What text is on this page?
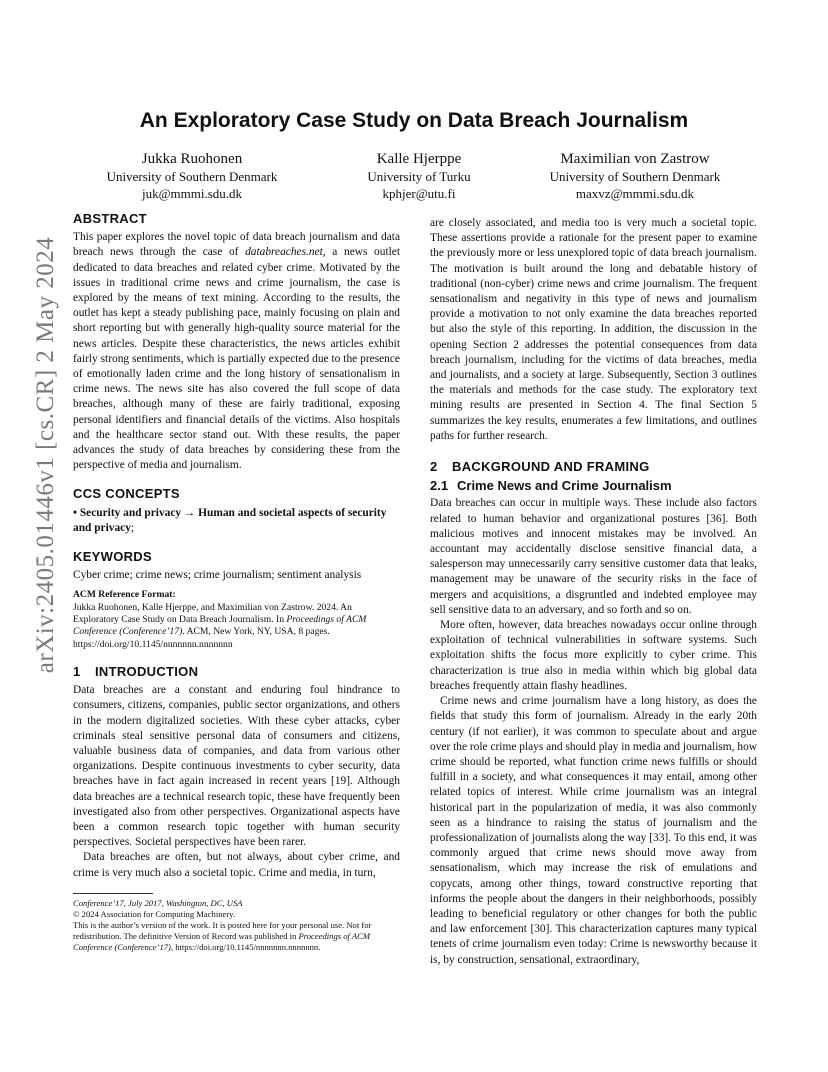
arXiv:2405.01446v1 [cs.CR] 2 May 2024
An Exploratory Case Study on Data Breach Journalism
Jukka Ruohonen
University of Southern Denmark
juk@mmmi.sdu.dk
Kalle Hjerppe
University of Turku
kphjer@utu.fi
Maximilian von Zastrow
University of Southern Denmark
maxvz@mmmi.sdu.dk
ABSTRACT

This paper explores the novel topic of data breach journalism and data breach news through the case of databreaches.net, a news outlet dedicated to data breaches and related cyber crime. Motivated by the issues in traditional crime news and crime journalism, the case is explored by the means of text mining. According to the results, the outlet has kept a steady publishing pace, mainly focusing on plain and short reporting but with generally high-quality source material for the news articles. Despite these characteristics, the news articles exhibit fairly strong sentiments, which is partially expected due to the presence of emotionally laden crime and the long history of sensationalism in crime news. The news site has also covered the full scope of data breaches, although many of these are fairly traditional, exposing personal identifiers and financial details of the victims. Also hospitals and the healthcare sector stand out. With these results, the paper advances the study of data breaches by considering these from the perspective of media and journalism.

CCS CONCEPTS

• Security and privacy → Human and societal aspects of security and privacy;

KEYWORDS

Cyber crime; crime news; crime journalism; sentiment analysis

ACM Reference Format:

Jukka Ruohonen, Kalle Hjerppe, and Maximilian von Zastrow. 2024. An Exploratory Case Study on Data Breach Journalism. In Proceedings of ACM Conference (Conference’17). ACM, New York, NY, USA, 8 pages. https://doi.org/10.1145/nnnnnnn.nnnnnnn

1 INTRODUCTION

Data breaches are a constant and enduring foul hindrance to consumers, citizens, companies, public sector organizations, and others in the modern digitalized societies. With these cyber attacks, cyber criminals steal sensitive personal data of consumers and citizens, valuable business data of companies, and data from various other organizations. Despite continuous investments to cyber security, data breaches have in fact again increased in recent years [19]. Although data breaches are a technical research topic, these have frequently been investigated also from other perspectives. Organizational aspects have been a common research topic together with human security perspectives. Societal perspectives have been rarer.

Data breaches are often, but not always, about cyber crime, and crime is very much also a societal topic. Crime and media, in turn,

Conference’17, July 2017, Washington, DC, USA

© 2024 Association for Computing Machinery.

This is the author’s version of the work. It is posted here for your personal use. Not for redistribution. The definitive Version of Record was published in Proceedings of ACM Conference (Conference’17), https://doi.org/10.1145/nnnnnnn.nnnnnnn.

are closely associated, and media too is very much a societal topic. These assertions provide a rationale for the present paper to examine the previously more or less unexplored topic of data breach journalism. The motivation is built around the long and debatable history of traditional (non-cyber) crime news and crime journalism. The frequent sensationalism and negativity in this type of news and journalism provide a motivation to not only examine the data breaches reported but also the style of this reporting. In addition, the discussion in the opening Section 2 addresses the potential consequences from data breach journalism, including for the victims of data breaches, media and journalists, and a society at large. Subsequently, Section 3 outlines the materials and methods for the case study. The exploratory text mining results are presented in Section 4. The final Section 5 summarizes the key results, enumerates a few limitations, and outlines paths for further research.

2 BACKGROUND AND FRAMING
2.1 Crime News and Crime Journalism

Data breaches can occur in multiple ways. These include also factors related to human behavior and organizational postures [36]. Both malicious motives and innocent mistakes may be involved. An accountant may accidentally disclose sensitive financial data, a salesperson may unnecessarily carry sensitive customer data that leaks, management may be unaware of the security risks in the face of mergers and acquisitions, a disgruntled and indebted employee may sell sensitive data to an adversary, and so forth and so on.

More often, however, data breaches nowadays occur online through exploitation of technical vulnerabilities in software systems. Such exploitation shifts the focus more explicitly to cyber crime. This characterization is true also in media within which big global data breaches frequently attain flashy headlines.

Crime news and crime journalism have a long history, as does the fields that study this form of journalism. Already in the early 20th century (if not earlier), it was common to speculate about and argue over the role crime plays and should play in media and journalism, how crime should be reported, what function crime news fulfills or should fulfill in a society, and what consequences it may entail, among other related topics of interest. While crime journalism was an integral historical part in the popularization of media, it was also commonly seen as a hindrance to raising the status of journalism and the professionalization of journalists along the way [33]. To this end, it was commonly argued that crime news should move away from sensationalism, which may increase the risk of emulations and copycats, among other things, toward constructive reporting that informs the people about the dangers in their neighborhoods, possibly leading to beneficial regulatory or other changes for both the public and law enforcement [30]. This characterization captures many typical tenets of crime journalism even today: Crime is newsworthy because it is, by construction, sensational, extraordinary,
